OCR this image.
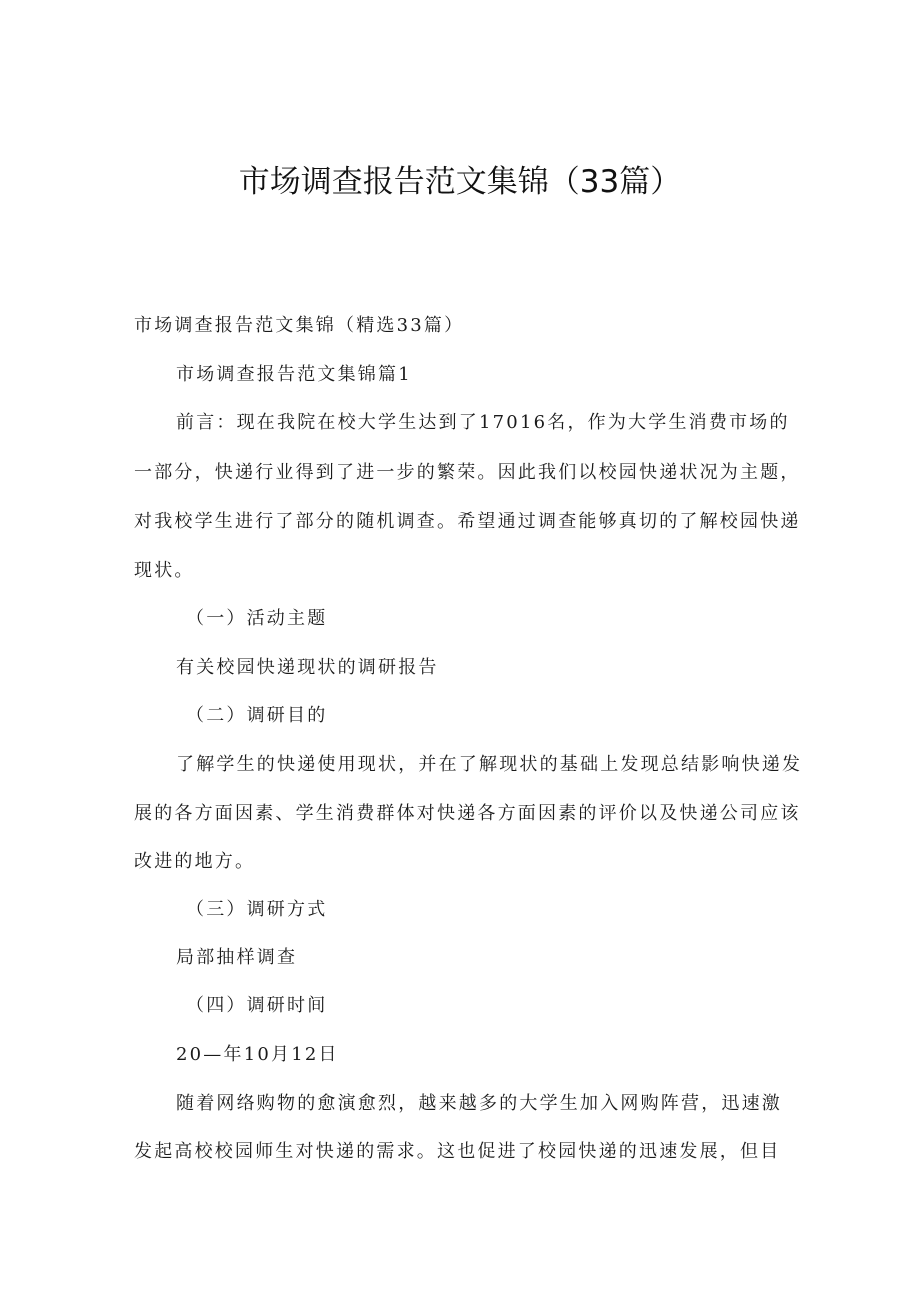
市场调查报告范文集锦（33篇）

市场调查报告范文集锦（精选33篇）

市场调查报告范文集锦篇1

前言：现在我院在校大学生达到了17016名，作为大学生消费市场的

一部分，快递行业得到了进一步的繁荣。因此我们以校园快递状况为主题，

对我校学生进行了部分的随机调查。希望通过调查能够真切的了解校园快递

现状。

（一）活动主题

有关校园快递现状的调研报告

（二）调研目的

了解学生的快递使用现状，并在了解现状的基础上发现总结影响快递发

展的各方面因素、学生消费群体对快递各方面因素的评价以及快递公司应该

改进的地方。

（三）调研方式

局部抽样调查

（四）调研时间

20—年10月12日

随着网络购物的愈演愈烈，越来越多的大学生加入网购阵营，迅速激

发起高校校园师生对快递的需求。这也促进了校园快递的迅速发展，但目
